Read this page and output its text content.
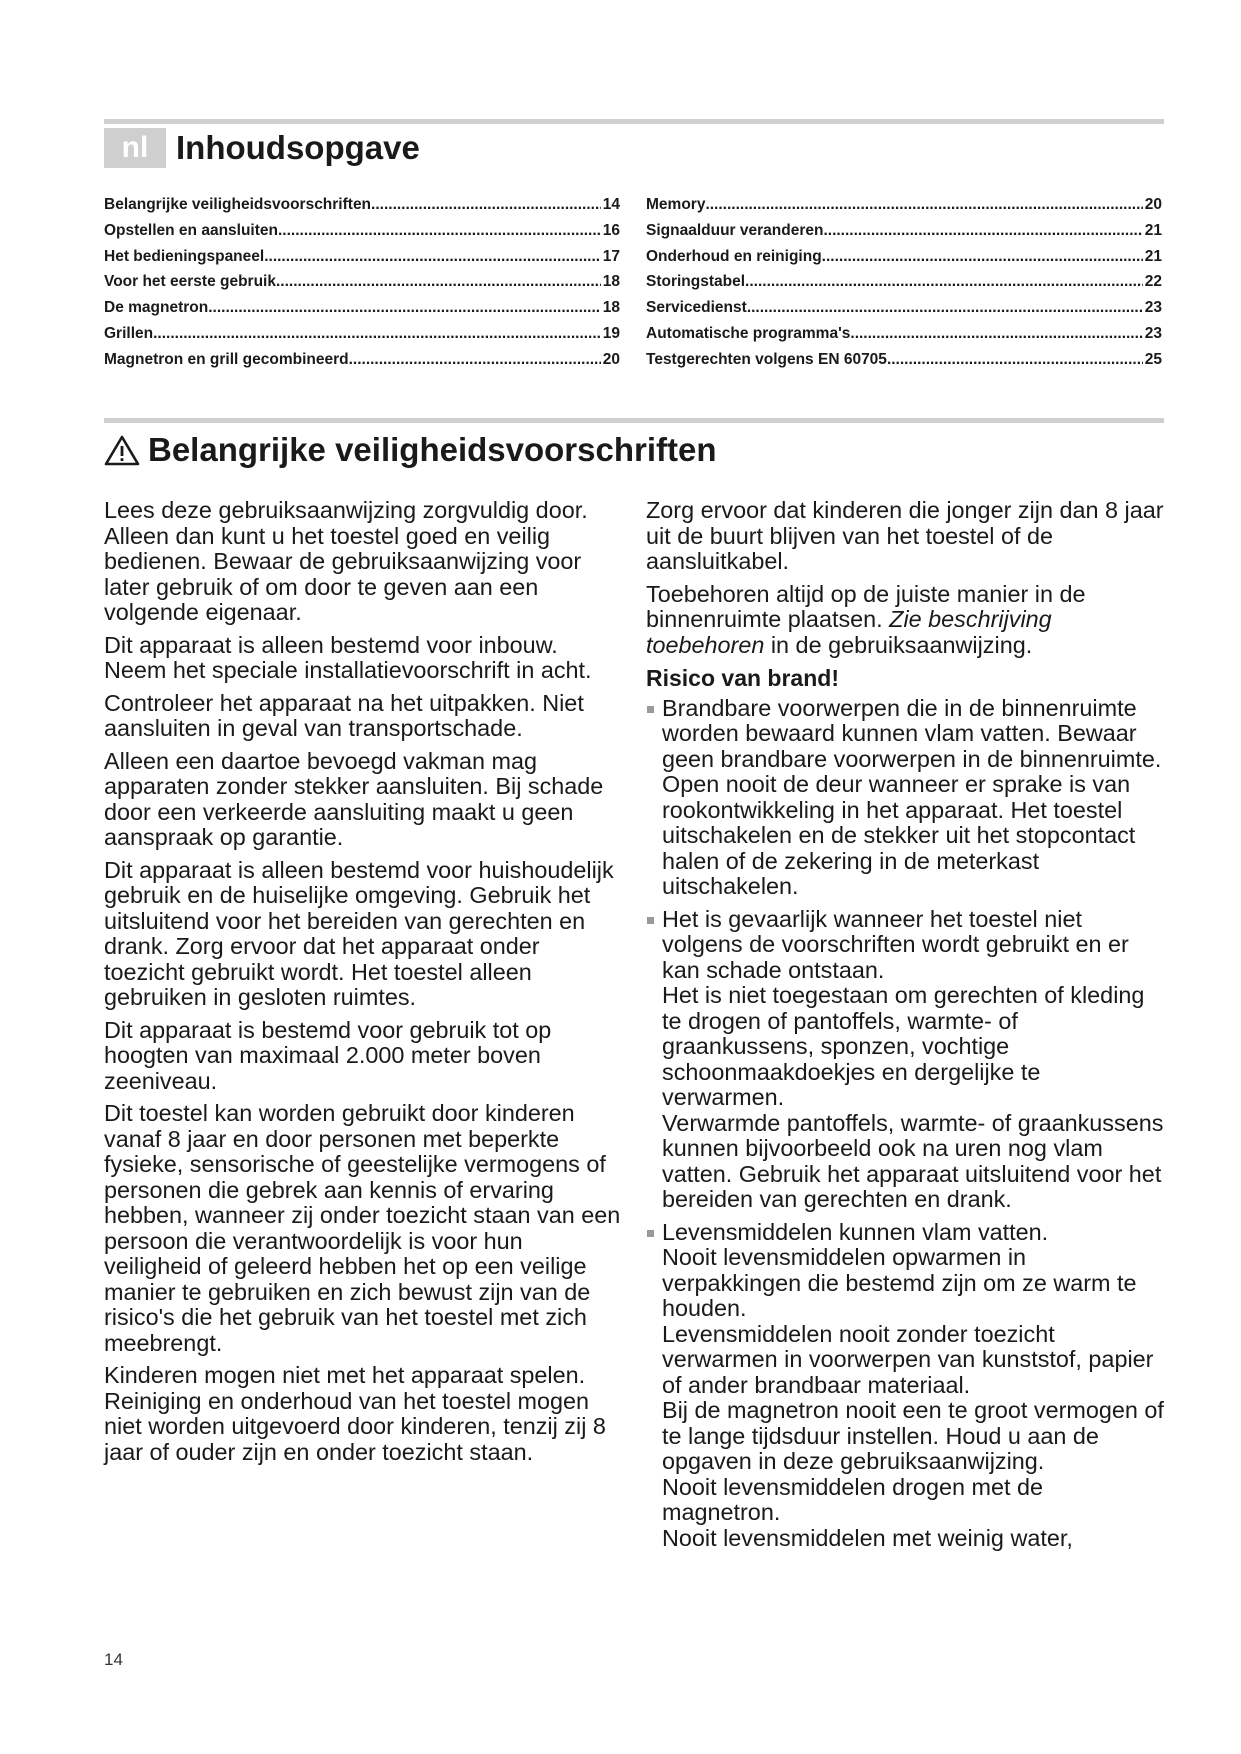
nl Inhoudsopgave
Belangrijke veiligheidsvoorschriften .....	14
Opstellen en aansluiten .....	16
Het bedieningspaneel .....	17
Voor het eerste gebruik .....	18
De magnetron .....	18
Grillen .....	19
Magnetron en grill gecombineerd .....	20
Memory .....	20
Signaalduur veranderen .....	21
Onderhoud en reiniging .....	21
Storingstabel .....	22
Servicedienst .....	23
Automatische programma's .....	23
Testgerechten volgens EN 60705 .....	25
Belangrijke veiligheidsvoorschriften

Lees deze gebruiksaanwijzing zorgvuldig door. Alleen dan kunt u het toestel goed en veilig bedienen. Bewaar de gebruiksaanwijzing voor later gebruik of om door te geven aan een volgende eigenaar.

Dit apparaat is alleen bestemd voor inbouw. Neem het speciale installatievoorschrift in acht.

Controleer het apparaat na het uitpakken. Niet aansluiten in geval van transportschade.

Alleen een daartoe bevoegd vakman mag apparaten zonder stekker aansluiten. Bij schade door een verkeerde aansluiting maakt u geen aanspraak op garantie.

Dit apparaat is alleen bestemd voor huishoudelijk gebruik en de huiselijke omgeving. Gebruik het uitsluitend voor het bereiden van gerechten en drank. Zorg ervoor dat het apparaat onder toezicht gebruikt wordt. Het toestel alleen gebruiken in gesloten ruimtes.

Dit apparaat is bestemd voor gebruik tot op hoogten van maximaal 2.000 meter boven zeeniveau.

Dit toestel kan worden gebruikt door kinderen vanaf 8 jaar en door personen met beperkte fysieke, sensorische of geestelijke vermogens of personen die gebrek aan kennis of ervaring hebben, wanneer zij onder toezicht staan van een persoon die verantwoordelijk is voor hun veiligheid of geleerd hebben het op een veilige manier te gebruiken en zich bewust zijn van de risico's die het gebruik van het toestel met zich meebrengt.

Kinderen mogen niet met het apparaat spelen. Reiniging en onderhoud van het toestel mogen niet worden uitgevoerd door kinderen, tenzij zij 8 jaar of ouder zijn en onder toezicht staan.

Zorg ervoor dat kinderen die jonger zijn dan 8 jaar uit de buurt blijven van het toestel of de aansluitkabel.

Toebehoren altijd op de juiste manier in de binnenruimte plaatsen. Zie beschrijving toebehoren in de gebruiksaanwijzing.

Risico van brand!
Brandbare voorwerpen die in de binnenruimte worden bewaard kunnen vlam vatten. Bewaar geen brandbare voorwerpen in de binnenruimte. Open nooit de deur wanneer er sprake is van rookontwikkeling in het apparaat. Het toestel uitschakelen en de stekker uit het stopcontact halen of de zekering in de meterkast uitschakelen.
Het is gevaarlijk wanneer het toestel niet volgens de voorschriften wordt gebruikt en er kan schade ontstaan.
Het is niet toegestaan om gerechten of kleding te drogen of pantoffels, warmte- of graankussens, sponzen, vochtige schoonmaakdoekjes en dergelijke te verwarmen.
Verwarmde pantoffels, warmte- of graankussens kunnen bijvoorbeeld ook na uren nog vlam vatten. Gebruik het apparaat uitsluitend voor het bereiden van gerechten en drank.
Levensmiddelen kunnen vlam vatten.
Nooit levensmiddelen opwarmen in verpakkingen die bestemd zijn om ze warm te houden.
Levensmiddelen nooit zonder toezicht verwarmen in voorwerpen van kunststof, papier of ander brandbaar materiaal.
Bij de magnetron nooit een te groot vermogen of te lange tijdsduur instellen. Houd u aan de opgaven in deze gebruiksaanwijzing.
Nooit levensmiddelen drogen met de magnetron.
Nooit levensmiddelen met weinig water,
14
